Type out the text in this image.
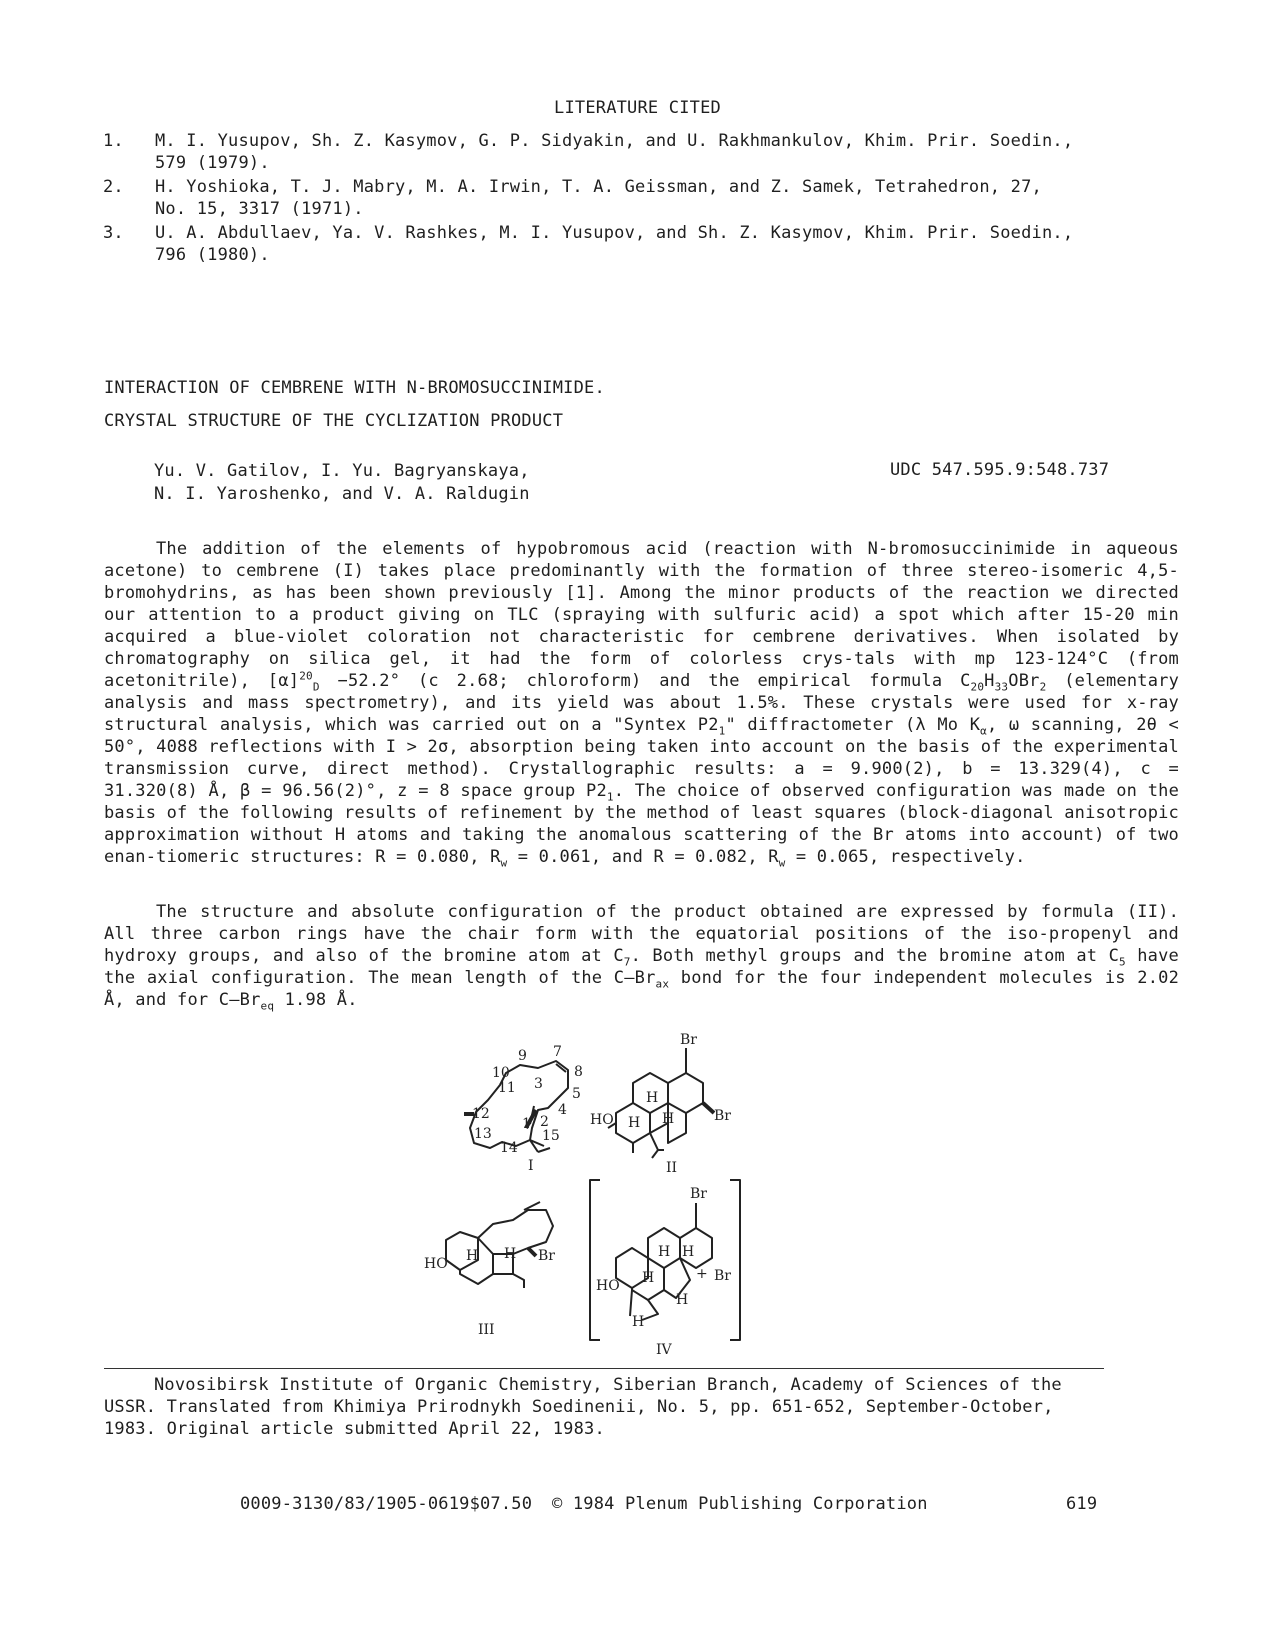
LITERATURE CITED
1. M. I. Yusupov, Sh. Z. Kasymov, G. P. Sidyakin, and U. Rakhmankulov, Khim. Prir. Soedin.,
579 (1979).
2. H. Yoshioka, T. J. Mabry, M. A. Irwin, T. A. Geissman, and Z. Samek, Tetrahedron, 27,
No. 15, 3317 (1971).
3. U. A. Abdullaev, Ya. V. Rashkes, M. I. Yusupov, and Sh. Z. Kasymov, Khim. Prir. Soedin.,
796 (1980).
INTERACTION OF CEMBRENE WITH N-BROMOSUCCINIMIDE.
CRYSTAL STRUCTURE OF THE CYCLIZATION PRODUCT
Yu. V. Gatilov, I. Yu. Bagryanskaya,
N. I. Yaroshenko, and V. A. Raldugin
UDC 547.595.9:548.737
The addition of the elements of hypobromous acid (reaction with N-bromosuccinimide in aqueous acetone) to cembrene (I) takes place predominantly with the formation of three stereo-isomeric 4,5-bromohydrins, as has been shown previously [1]. Among the minor products of the reaction we directed our attention to a product giving on TLC (spraying with sulfuric acid) a spot which after 15-20 min acquired a blue-violet coloration not characteristic for cembrene derivatives. When isolated by chromatography on silica gel, it had the form of colorless crys-tals with mp 123-124°C (from acetonitrile), $[\alpha]^{20}_D -52.2^\circ$ (c 2.68; chloroform) and the empirical formula $C_{20}H_{33}OBr_2$ (elementary analysis and mass spectrometry), and its yield was about 1.5%. These crystals were used for x-ray structural analysis, which was carried out on a "Syntex $P2_1$" diffractometer (λ Mo $K_\alpha$, ω scanning, 2θ < 50°, 4088 reflections with I > 2σ, absorption being taken into account on the basis of the experimental transmission curve, direct method). Crystallographic results: a = 9.900(2), b = 13.329(4), c = 31.320(8) Å, β = 96.56(2)°, z = 8 space group $P2_1$. The choice of observed configuration was made on the basis of the following results of refinement by the method of least squares (block-diagonal anisotropic approximation without H atoms and taking the anomalous scattering of the Br atoms into account) of two enan-tiomeric structures: R = 0.080, $R_w = 0.061$, and R = 0.082, $R_w = 0.065$, respectively.
The structure and absolute configuration of the product obtained are expressed by formula (II). All three carbon rings have the chair form with the equatorial positions of the iso-propenyl and hydroxy groups, and also of the bromine atom at $C_7$. Both methyl groups and the bromine atom at $C_5$ have the axial configuration. The mean length of the $C—Br_{ax}$ bond for the four independent molecules is 2.02 Å, and for $C—Br_{eq}$ 1.98 Å.
9 7
10
3
8
11	5
12	4
2
1
13
14
15
I
Br
H
H H
HO	Br
II
HO H H Br
III
Br
H H
H	+ Br
H
HO
H
IV
Novosibirsk Institute of Organic Chemistry, Siberian Branch, Academy of Sciences of the USSR. Translated from Khimiya Prirodnykh Soedinenii, No. 5, pp. 651-652, September-October, 1983. Original article submitted April 22, 1983.
0009-3130/83/1905-0619$07.50 © 1984 Plenum Publishing Corporation	619
